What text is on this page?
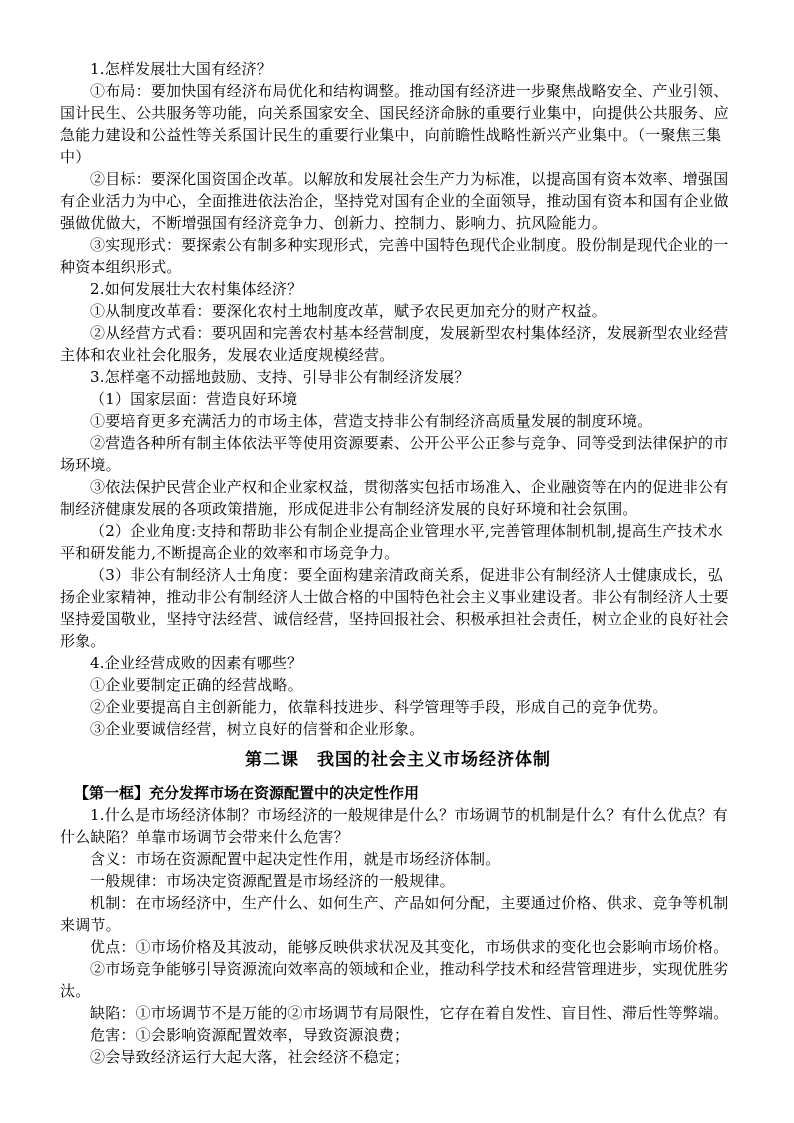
1.怎样发展壮大国有经济？

①布局：要加快国有经济布局优化和结构调整。推动国有经济进一步聚焦战略安全、产业引领、国计民生、公共服务等功能，向关系国家安全、国民经济命脉的重要行业集中，向提供公共服务、应急能力建设和公益性等关系国计民生的重要行业集中，向前瞻性战略性新兴产业集中。（一聚焦三集中）

②目标：要深化国资国企改革。以解放和发展社会生产力为标准，以提高国有资本效率、增强国有企业活力为中心，全面推进依法治企，坚持党对国有企业的全面领导，推动国有资本和国有企业做强做优做大，不断增强国有经济竞争力、创新力、控制力、影响力、抗风险能力。

③实现形式：要探索公有制多种实现形式，完善中国特色现代企业制度。股份制是现代企业的一种资本组织形式。

2.如何发展壮大农村集体经济？

①从制度改革看：要深化农村土地制度改革，赋予农民更加充分的财产权益。

②从经营方式看：要巩固和完善农村基本经营制度，发展新型农村集体经济，发展新型农业经营主体和农业社会化服务，发展农业适度规模经营。

3.怎样毫不动摇地鼓励、支持、引导非公有制经济发展？

（1）国家层面：营造良好环境

①要培育更多充满活力的市场主体，营造支持非公有制经济高质量发展的制度环境。

②营造各种所有制主体依法平等使用资源要素、公开公平公正参与竞争、同等受到法律保护的市场环境。

③依法保护民营企业产权和企业家权益，贯彻落实包括市场准入、企业融资等在内的促进非公有制经济健康发展的各项政策措施，形成促进非公有制经济发展的良好环境和社会氛围。

（2）企业角度:支持和帮助非公有制企业提高企业管理水平,完善管理体制机制,提高生产技术水平和研发能力,不断提高企业的效率和市场竞争力。

（3）非公有制经济人士角度：要全面构建亲清政商关系，促进非公有制经济人士健康成长，弘扬企业家精神，推动非公有制经济人士做合格的中国特色社会主义事业建设者。非公有制经济人士要坚持爱国敬业，坚持守法经营、诚信经营，坚持回报社会、积极承担社会责任，树立企业的良好社会形象。

4.企业经营成败的因素有哪些？

①企业要制定正确的经营战略。

②企业要提高自主创新能力，依靠科技进步、科学管理等手段，形成自己的竞争优势。

③企业要诚信经营，树立良好的信誉和企业形象。

第二课　我国的社会主义市场经济体制
【第一框】充分发挥市场在资源配置中的决定性作用

1.什么是市场经济体制？市场经济的一般规律是什么？市场调节的机制是什么？有什么优点？有什么缺陷？单靠市场调节会带来什么危害？

含义：市场在资源配置中起决定性作用，就是市场经济体制。

一般规律：市场决定资源配置是市场经济的一般规律。

机制：在市场经济中，生产什么、如何生产、产品如何分配，主要通过价格、供求、竞争等机制来调节。

优点：①市场价格及其波动，能够反映供求状况及其变化，市场供求的变化也会影响市场价格。

②市场竞争能够引导资源流向效率高的领域和企业，推动科学技术和经营管理进步，实现优胜劣汰。

缺陷：①市场调节不是万能的②市场调节有局限性，它存在着自发性、盲目性、滞后性等弊端。

危害：①会影响资源配置效率，导致资源浪费；

②会导致经济运行大起大落，社会经济不稳定；
